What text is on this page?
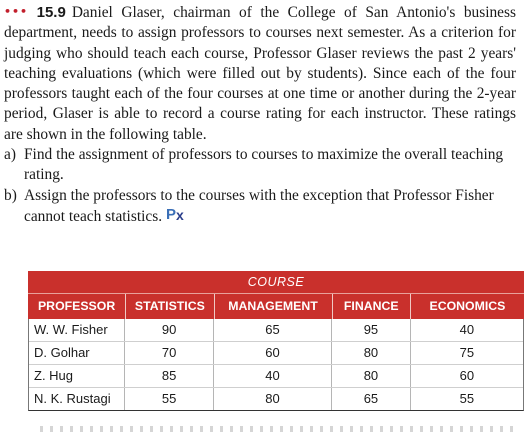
••• 15.9 Daniel Glaser, chairman of the College of San Antonio's business department, needs to assign professors to courses next semester. As a criterion for judging who should teach each course, Professor Glaser reviews the past 2 years' teaching evaluations (which were filled out by students). Since each of the four professors taught each of the four courses at one time or another during the 2-year period, Glaser is able to record a course rating for each instructor. These ratings are shown in the following table.

a) Find the assignment of professors to courses to maximize the overall teaching rating.
b) Assign the professors to the courses with the exception that Professor Fisher cannot teach statistics. P x
COURSE
PROFESSOR	STATISTICS	MANAGEMENT	FINANCE	ECONOMICS
W. W. Fisher	90	65	95	40
D. Golhar	70	60	80	75
Z. Hug	85	40	80	60
N. K. Rustagi	55	80	65	55
